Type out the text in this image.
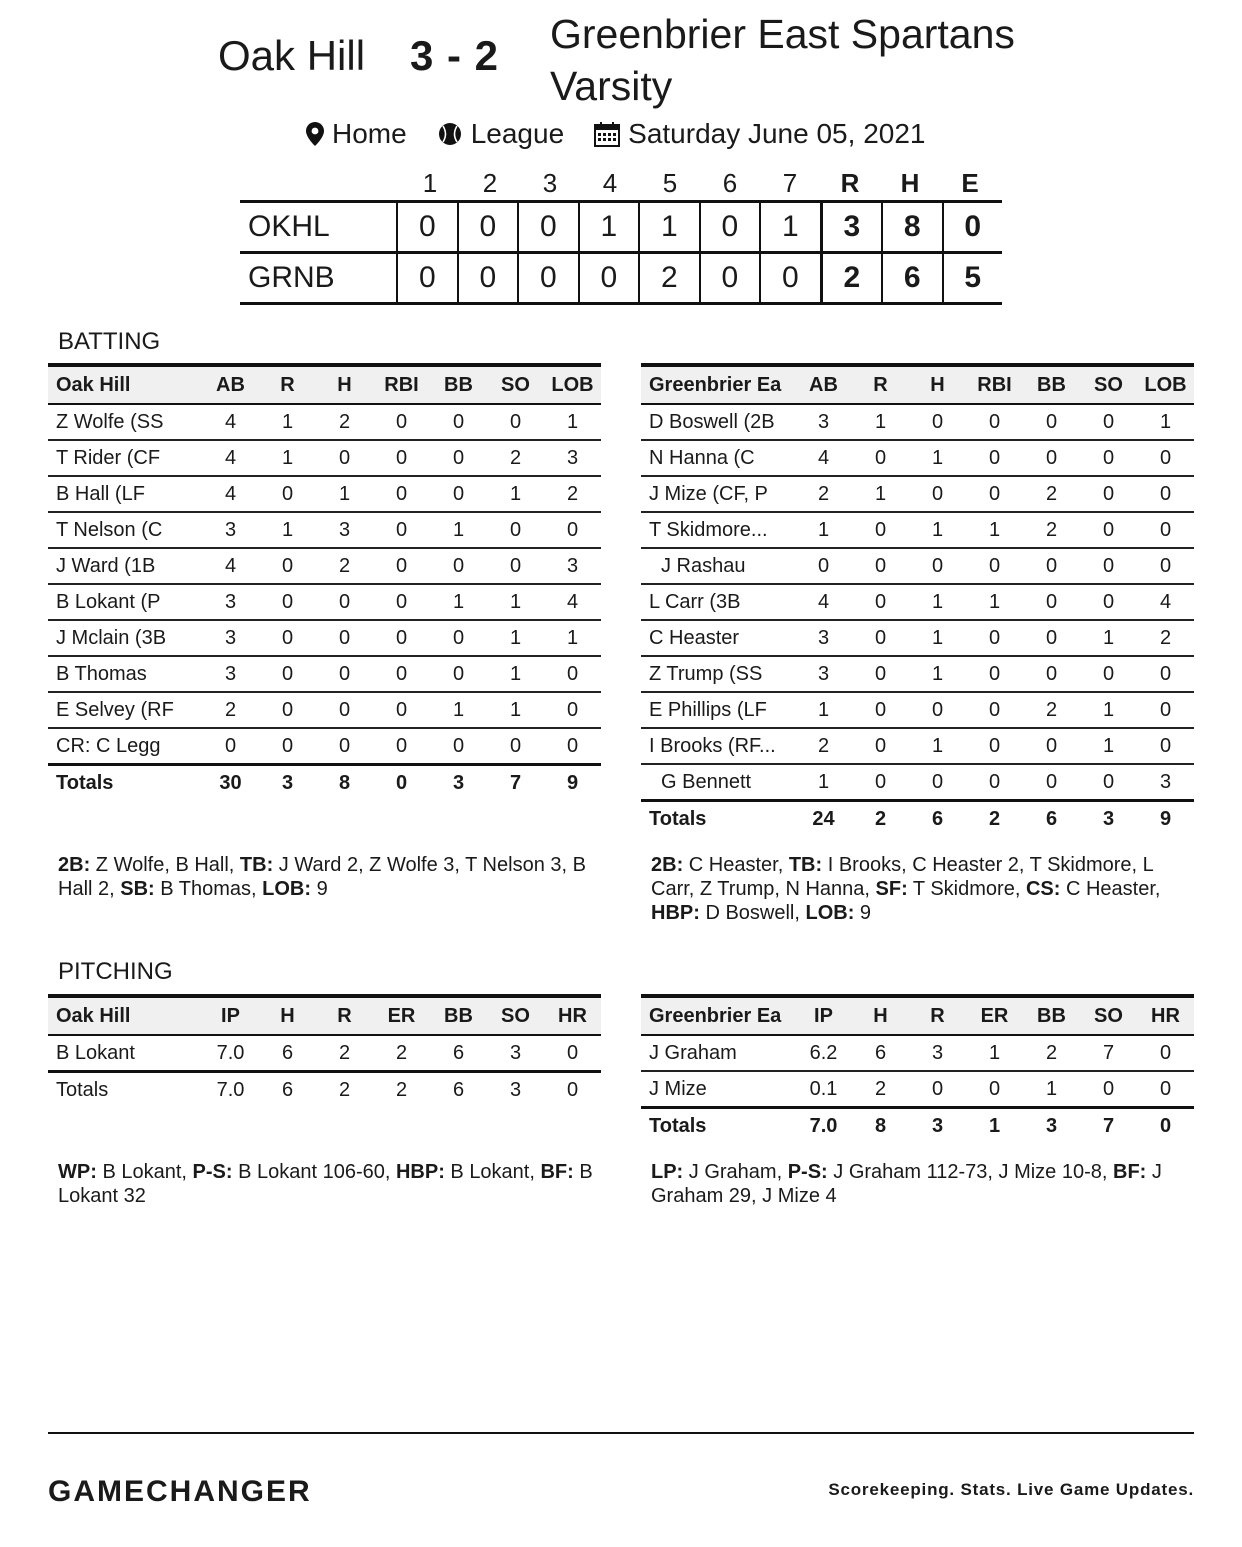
Oak Hill 3 - 2 Greenbrier East Spartans
Varsity
Home League Saturday June 05, 2021
1	2	3	4	5	6	7	R	H	E
OKHL	0	0	0	1	1	0	1	3	8	0
GRNB	0	0	0	0	2	0	0	2	6	5
BATTING
Oak Hill	AB	R	H	RBI	BB	SO	LOB
Z Wolfe (SS	4	1	2	0	0	0	1
T Rider (CF	4	1	0	0	0	2	3
B Hall (LF	4	0	1	0	0	1	2
T Nelson (C	3	1	3	0	1	0	0
J Ward (1B	4	0	2	0	0	0	3
B Lokant (P	3	0	0	0	1	1	4
J Mclain (3B	3	0	0	0	0	1	1
B Thomas	3	0	0	0	0	1	0
E Selvey (RF	2	0	0	0	1	1	0
CR: C Legg	0	0	0	0	0	0	0
Totals	30	3	8	0	3	7	9
Greenbrier Ea	AB	R	H	RBI	BB	SO	LOB
D Boswell (2B	3	1	0	0	0	0	1
N Hanna (C	4	0	1	0	0	0	0
J Mize (CF, P	2	1	0	0	2	0	0
T Skidmore...	1	0	1	1	2	0	0
J Rashau	0	0	0	0	0	0	0
L Carr (3B	4	0	1	1	0	0	4
C Heaster	3	0	1	0	0	1	2
Z Trump (SS	3	0	1	0	0	0	0
E Phillips (LF	1	0	0	0	2	1	0
I Brooks (RF...	2	0	1	0	0	1	0
G Bennett	1	0	0	0	0	0	3
Totals	24	2	6	2	6	3	9
2B: Z Wolfe, B Hall, TB: J Ward 2, Z Wolfe 3, T Nelson 3, B Hall 2, SB: B Thomas, LOB: 9
2B: C Heaster, TB: I Brooks, C Heaster 2, T Skidmore, L Carr, Z Trump, N Hanna, SF: T Skidmore, CS: C Heaster, HBP: D Boswell, LOB: 9
PITCHING
Oak Hill	IP	H	R	ER	BB	SO	HR
B Lokant	7.0	6	2	2	6	3	0
Totals	7.0	6	2	2	6	3	0
Greenbrier Ea	IP	H	R	ER	BB	SO	HR
J Graham	6.2	6	3	1	2	7	0
J Mize	0.1	2	0	0	1	0	0
Totals	7.0	8	3	1	3	7	0
WP: B Lokant, P-S: B Lokant 106-60, HBP: B Lokant, BF: B Lokant 32
LP: J Graham, P-S: J Graham 112-73, J Mize 10-8, BF: J Graham 29, J Mize 4
GAMECHANGER	Scorekeeping. Stats. Live Game Updates.
